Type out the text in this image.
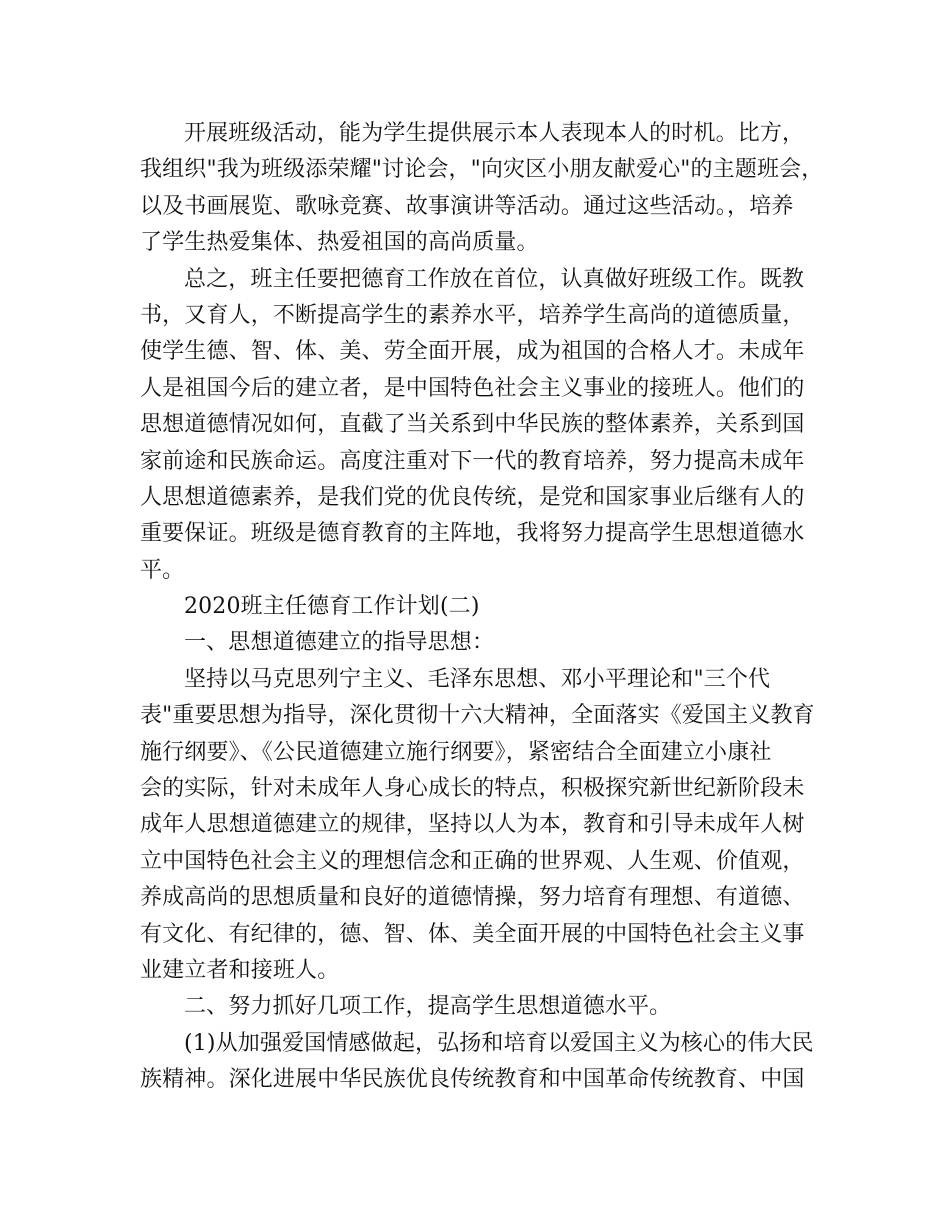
开展班级活动，能为学生提供展示本人表现本人的时机。比方，
我组织"我为班级添荣耀"讨论会，"向灾区小朋友献爱心"的主题班会，
以及书画展览、歌咏竞赛、故事演讲等活动。通过这些活动。，培养
了学生热爱集体、热爱祖国的高尚质量。
总之，班主任要把德育工作放在首位，认真做好班级工作。既教
书，又育人，不断提高学生的素养水平，培养学生高尚的道德质量，
使学生德、智、体、美、劳全面开展，成为祖国的合格人才。未成年
人是祖国今后的建立者，是中国特色社会主义事业的接班人。他们的
思想道德情况如何，直截了当关系到中华民族的整体素养，关系到国
家前途和民族命运。高度注重对下一代的教育培养，努力提高未成年
人思想道德素养，是我们党的优良传统，是党和国家事业后继有人的
重要保证。班级是德育教育的主阵地，我将努力提高学生思想道德水
平。
2020班主任德育工作计划(二)
一、思想道德建立的指导思想：
坚持以马克思列宁主义、毛泽东思想、邓小平理论和"三个代
表"重要思想为指导，深化贯彻十六大精神，全面落实《爱国主义教育
施行纲要》、《公民道德建立施行纲要》，紧密结合全面建立小康社
会的实际，针对未成年人身心成长的特点，积极探究新世纪新阶段未
成年人思想道德建立的规律，坚持以人为本，教育和引导未成年人树
立中国特色社会主义的理想信念和正确的世界观、人生观、价值观，
养成高尚的思想质量和良好的道德情操，努力培育有理想、有道德、
有文化、有纪律的，德、智、体、美全面开展的中国特色社会主义事
业建立者和接班人。
二、努力抓好几项工作，提高学生思想道德水平。
(1)从加强爱国情感做起，弘扬和培育以爱国主义为核心的伟大民
族精神。深化进展中华民族优良传统教育和中国革命传统教育、中国
